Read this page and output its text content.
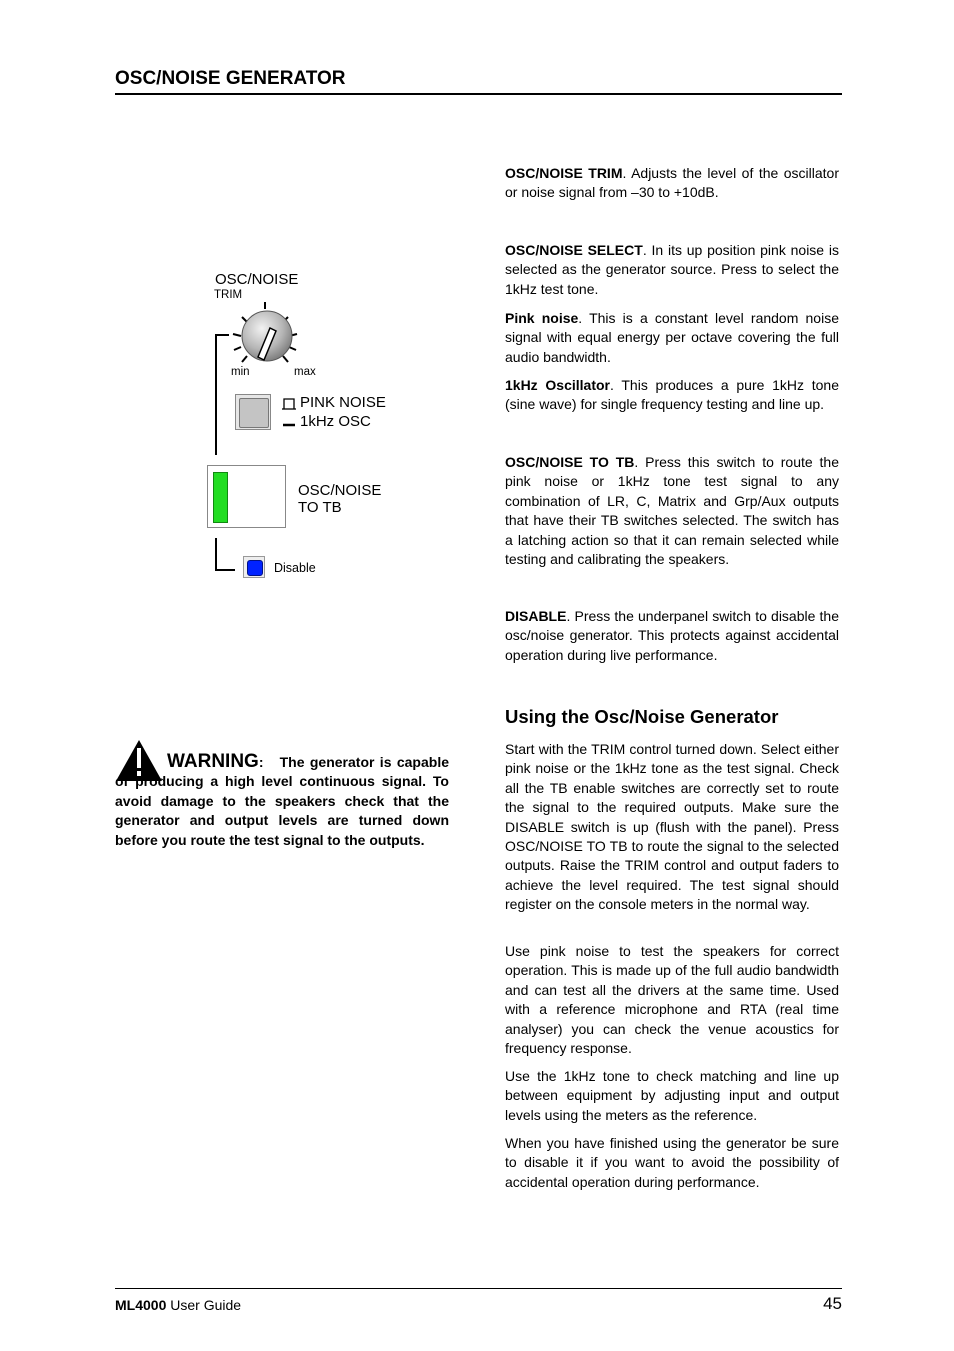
OSC/NOISE GENERATOR
OSC/NOISE
TRIM
min	max
PINK NOISE
1kHz OSC
OSC/NOISE
TO TB
Disable
OSC/NOISE TRIM. Adjusts the level of the oscillator or noise signal from –30 to +10dB.
OSC/NOISE SELECT. In its up position pink noise is selected as the generator source. Press to select the 1kHz test tone.
Pink noise. This is a constant level random noise signal with equal energy per octave covering the full audio bandwidth.
1kHz Oscillator. This produces a pure 1kHz tone (sine wave) for single frequency testing and line up.
OSC/NOISE TO TB. Press this switch to route the pink noise or 1kHz tone test signal to any combination of LR, C, Matrix and Grp/Aux outputs that have their TB switches selected. The switch has a latching action so that it can remain selected while testing and calibrating the speakers.
DISABLE. Press the underpanel switch to disable the osc/noise generator. This protects against accidental operation during live performance.
Using the Osc/Noise Generator
Start with the TRIM control turned down. Select either pink noise or the 1kHz tone as the test signal. Check all the TB enable switches are correctly set to route the signal to the required outputs. Make sure the DISABLE switch is up (flush with the panel). Press OSC/NOISE TO TB to route the signal to the selected outputs. Raise the TRIM control and output faders to achieve the level required. The test signal should register on the console meters in the normal way.
Use pink noise to test the speakers for correct operation. This is made up of the full audio bandwidth and can test all the drivers at the same time. Used with a reference microphone and RTA (real time analyser) you can check the venue acoustics for frequency response.
Use the 1kHz tone to check matching and line up between equipment by adjusting input and output levels using the meters as the reference.
When you have finished using the generator be sure to disable it if you want to avoid the possibility of accidental operation during performance.
WARNING: The generator is capable of producing a high level continuous signal. To avoid damage to the speakers check that the generator and output levels are turned down before you route the test signal to the outputs.
ML4000 User Guide	45
